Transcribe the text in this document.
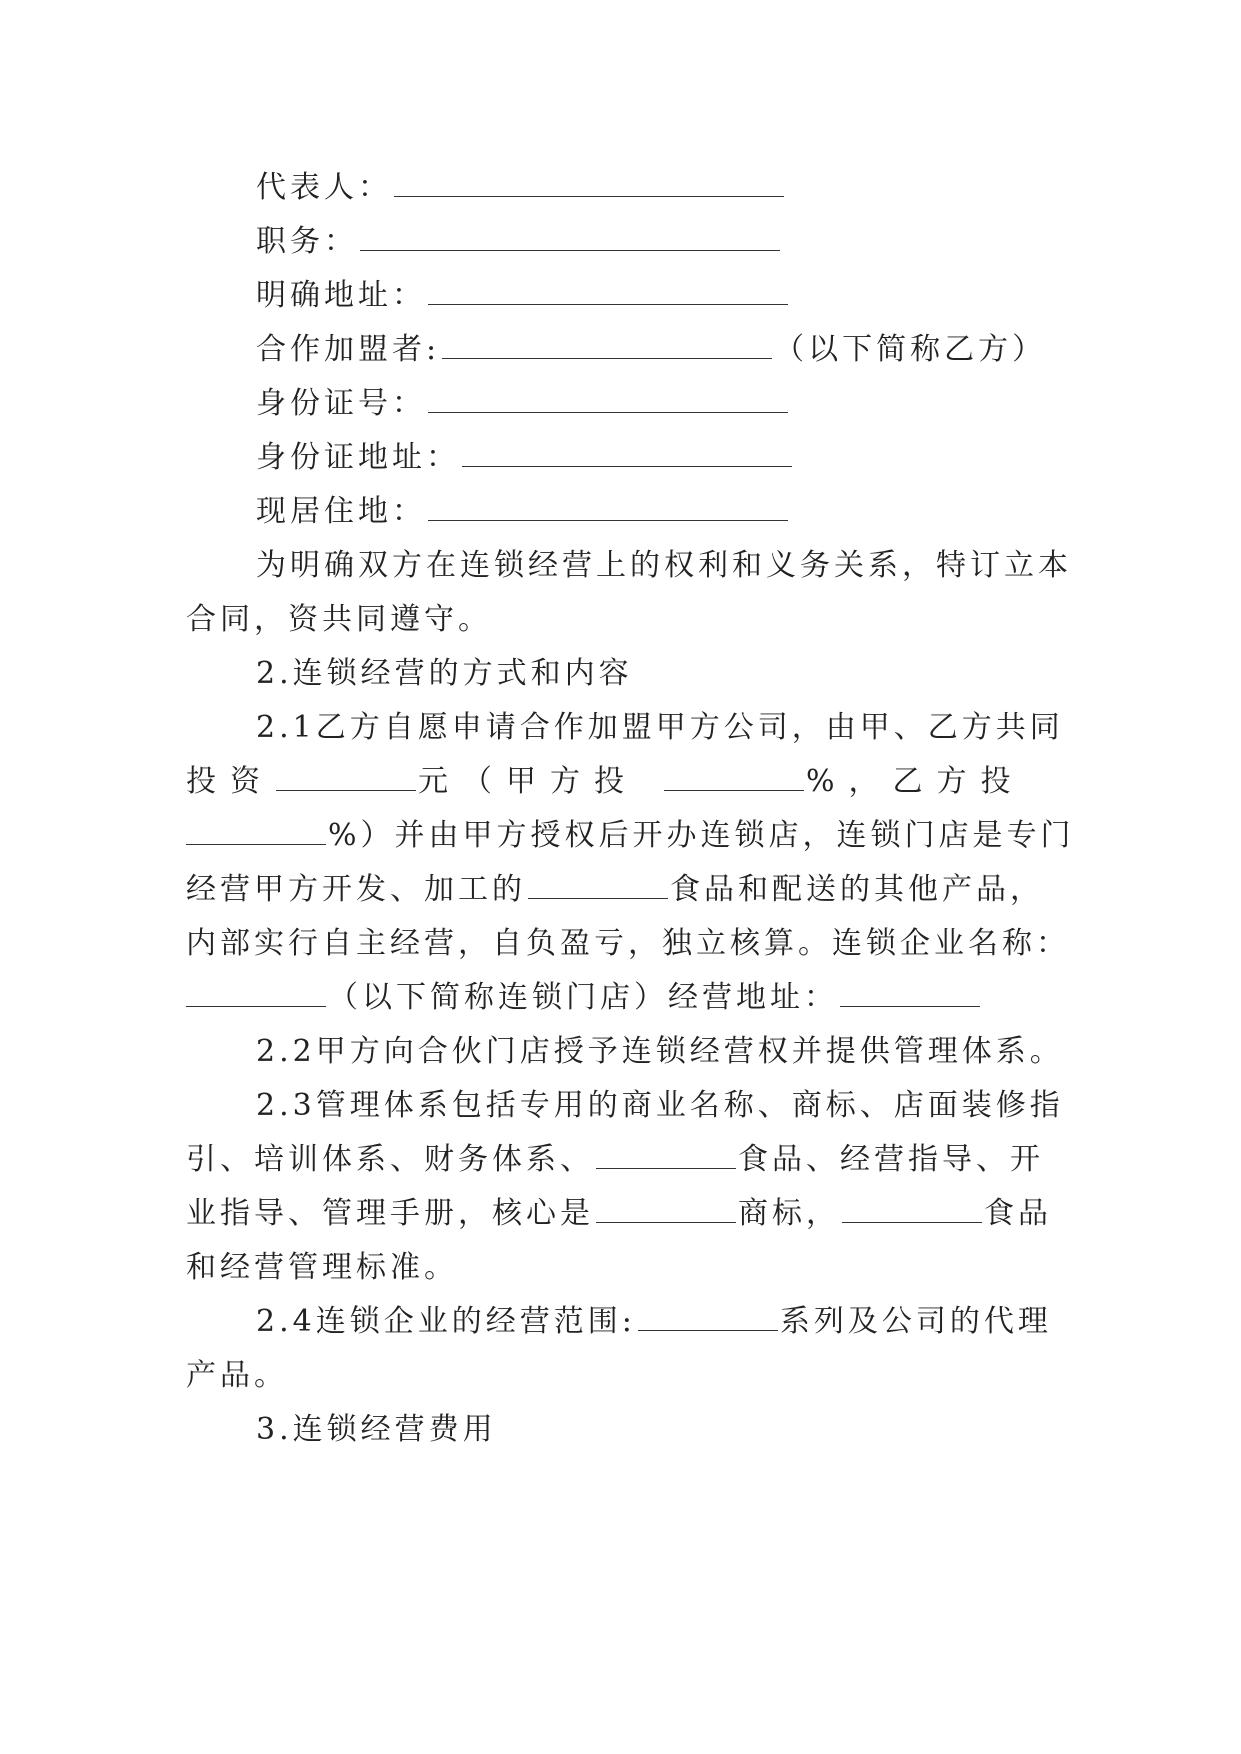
代表人：
职务：
明确地址：
合作加盟者:	（以下简称乙方）
身份证号：
身份证地址：
现居住地：
为明确双方在连锁经营上的权利和义务关系，特订立本
合同，资共同遵守。
2.连锁经营的方式和内容
2.1乙方自愿申请合作加盟甲方公司，由甲、乙方共同
投资	元（甲方投	%，乙方投
%）并由甲方授权后开办连锁店，连锁门店是专门
经营甲方开发、加工的	食品和配送的其他产品，
内部实行自主经营，自负盈亏，独立核算。连锁企业名称：
（以下简称连锁门店）经营地址：
2.2甲方向合伙门店授予连锁经营权并提供管理体系。
2.3管理体系包括专用的商业名称、商标、店面装修指
引、培训体系、财务体系、	食品、经营指导、开
业指导、管理手册，核心是	商标，	食品
和经营管理标准。
2.4连锁企业的经营范围:	系列及公司的代理
产品。
3.连锁经营费用
